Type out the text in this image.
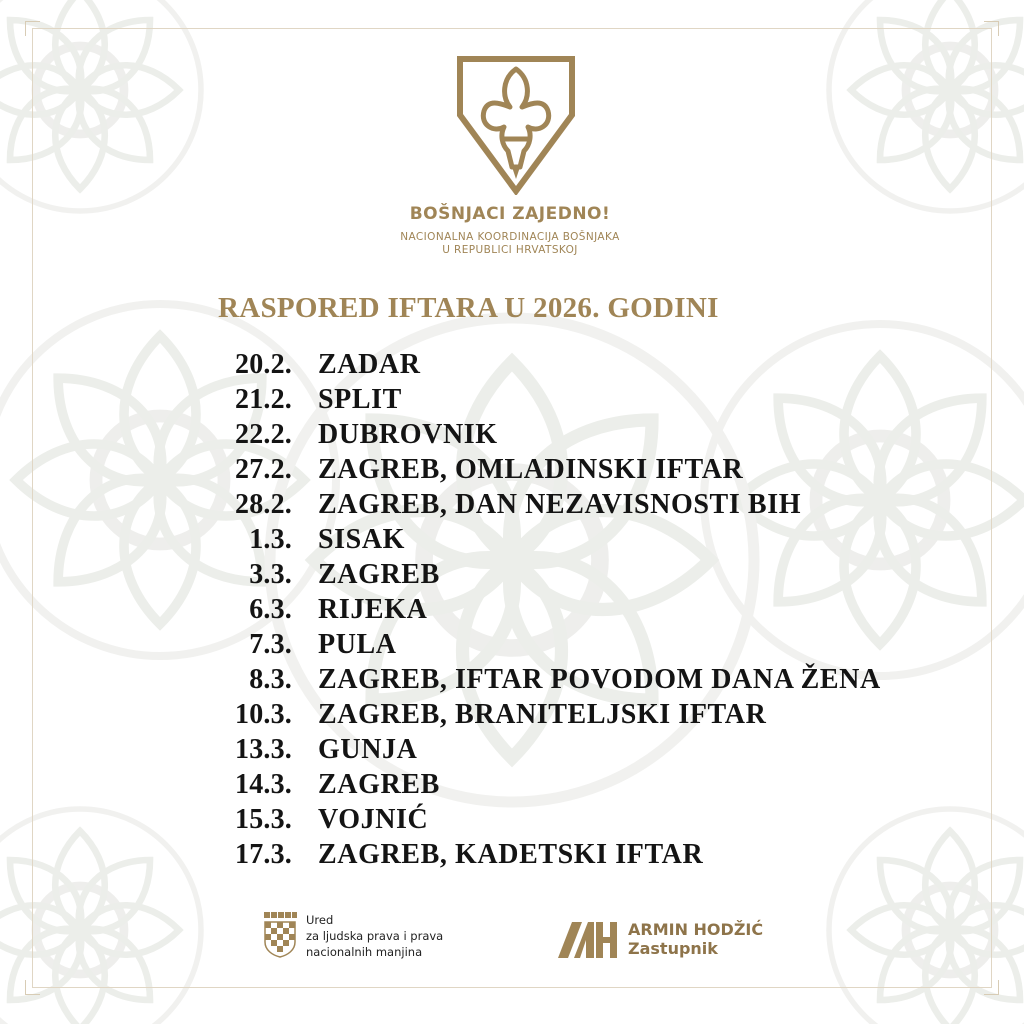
BOŠNJACI ZAJEDNO!
NACIONALNA KOORDINACIJA BOŠNJAKA
U REPUBLICI HRVATSKOJ
RASPORED IFTARA U 2026. GODINI
20.2. ZADAR
21.2. SPLIT
22.2. DUBROVNIK
27.2. ZAGREB, OMLADINSKI IFTAR
28.2. ZAGREB, DAN NEZAVISNOSTI BIH
1.3. SISAK
3.3. ZAGREB
6.3. RIJEKA
7.3. PULA
8.3. ZAGREB, IFTAR POVODOM DANA ŽENA
10.3. ZAGREB, BRANITELJSKI IFTAR
13.3. GUNJA
14.3. ZAGREB
15.3. VOJNIĆ
17.3. ZAGREB, KADETSKI IFTAR
Ured
za ljudska prava i prava
nacionalnih manjina
ARMIN HODŽIĆ
Zastupnik
